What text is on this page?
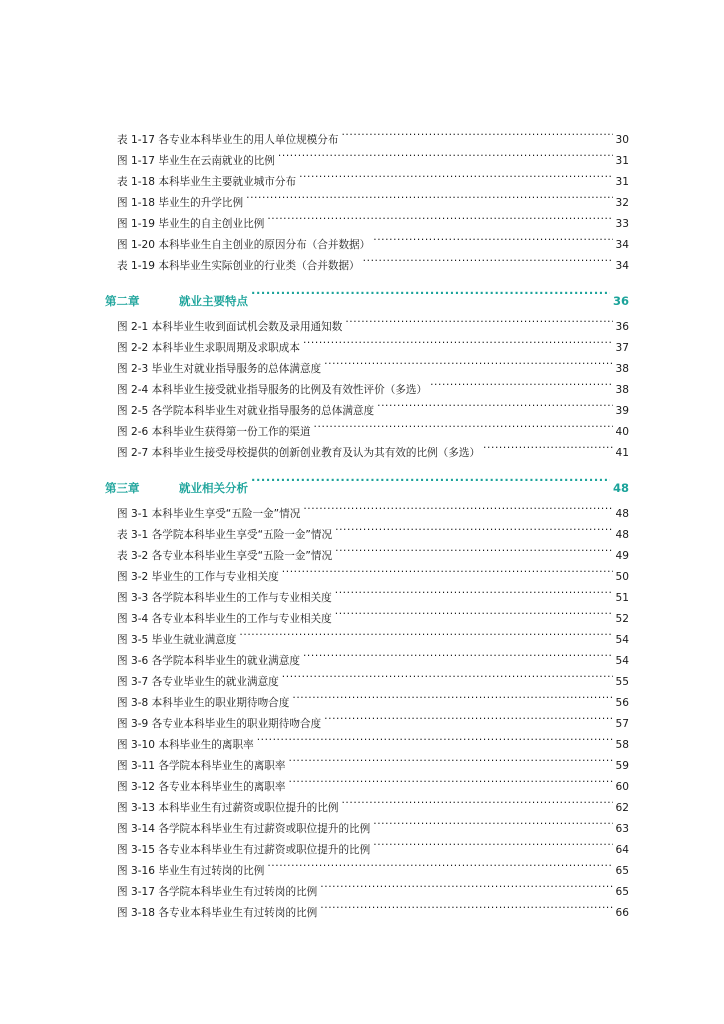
表 1-17 各专业本科毕业生的用人单位规模分布 .....	30
图 1-17 毕业生在云南就业的比例 .....	31
表 1-18 本科毕业生主要就业城市分布 .....	31
图 1-18 毕业生的升学比例 .....	32
图 1-19 毕业生的自主创业比例 .....	33
图 1-20 本科毕业生自主创业的原因分布（合并数据） .....	34
表 1-19 本科毕业生实际创业的行业类（合并数据） .....	34
第二章	就业主要特点 .....	36
图 2-1 本科毕业生收到面试机会数及录用通知数 .....	36
图 2-2 本科毕业生求职周期及求职成本 .....	37
图 2-3 毕业生对就业指导服务的总体满意度 .....	38
图 2-4 本科毕业生接受就业指导服务的比例及有效性评价（多选） .....	38
图 2-5 各学院本科毕业生对就业指导服务的总体满意度 .....	39
图 2-6 本科毕业生获得第一份工作的渠道 .....	40
图 2-7 本科毕业生接受母校提供的创新创业教育及认为其有效的比例（多选） .....	41
第三章	就业相关分析 .....	48
图 3-1 本科毕业生享受“五险一金”情况 .....	48
表 3-1 各学院本科毕业生享受“五险一金”情况 .....	48
表 3-2 各专业本科毕业生享受“五险一金”情况 .....	49
图 3-2 毕业生的工作与专业相关度 .....	50
图 3-3 各学院本科毕业生的工作与专业相关度 .....	51
图 3-4 各专业本科毕业生的工作与专业相关度 .....	52
图 3-5 毕业生就业满意度 .....	54
图 3-6 各学院本科毕业生的就业满意度 .....	54
图 3-7 各专业毕业生的就业满意度 .....	55
图 3-8 本科毕业生的职业期待吻合度 .....	56
图 3-9 各专业本科毕业生的职业期待吻合度 .....	57
图 3-10 本科毕业生的离职率 .....	58
图 3-11 各学院本科毕业生的离职率 .....	59
图 3-12 各专业本科毕业生的离职率 .....	60
图 3-13 本科毕业生有过薪资或职位提升的比例 .....	62
图 3-14 各学院本科毕业生有过薪资或职位提升的比例 .....	63
图 3-15 各专业本科毕业生有过薪资或职位提升的比例 .....	64
图 3-16 毕业生有过转岗的比例 .....	65
图 3-17 各学院本科毕业生有过转岗的比例 .....	65
图 3-18 各专业本科毕业生有过转岗的比例 .....	66
